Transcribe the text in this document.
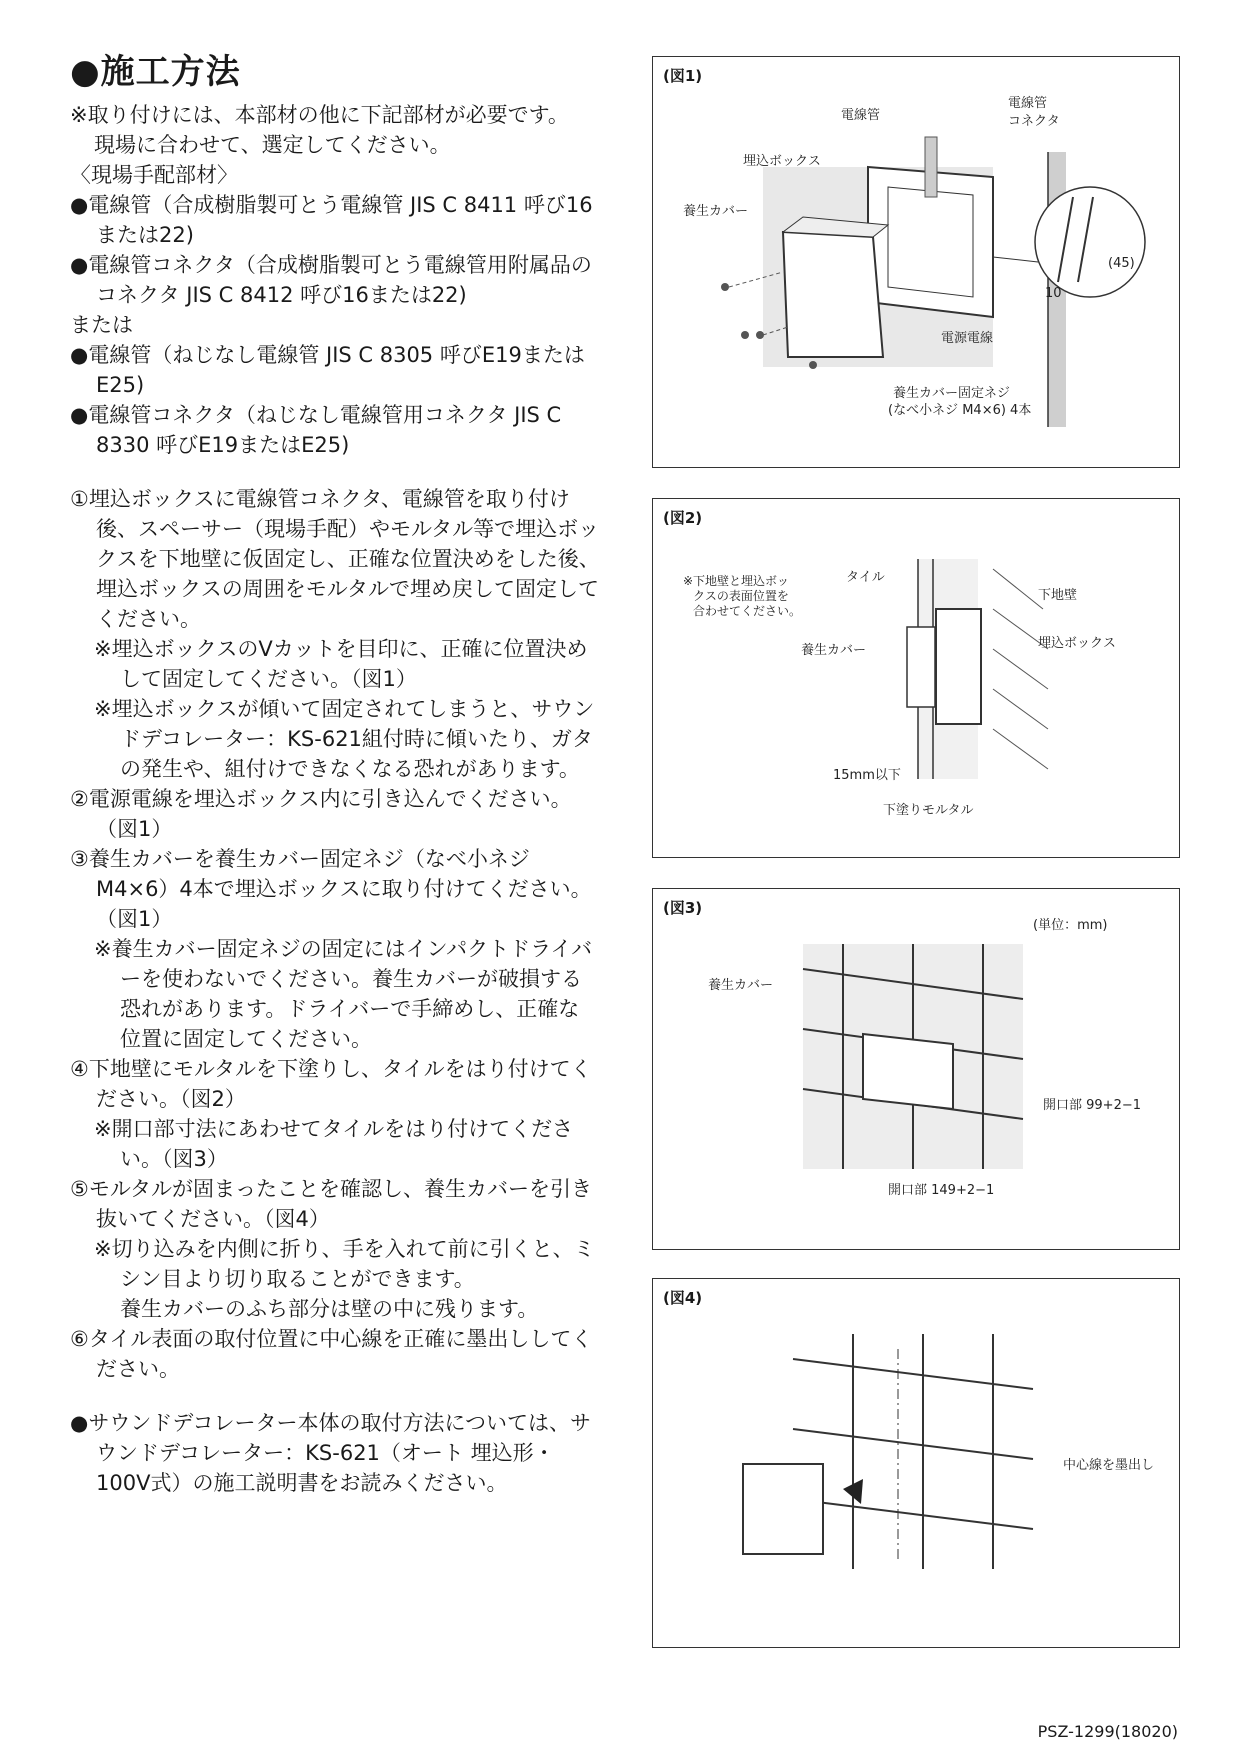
●施工方法

※取り付けには、本部材の他に下記部材が必要です。

現場に合わせて、選定してください。

〈現場手配部材〉

●電線管（合成樹脂製可とう電線管 JIS C 8411 呼び16または22)

●電線管コネクタ（合成樹脂製可とう電線管用附属品のコネクタ JIS C 8412 呼び16または22)

または

●電線管（ねじなし電線管 JIS C 8305 呼びE19またはE25)

●電線管コネクタ（ねじなし電線管用コネクタ JIS C 8330 呼びE19またはE25)

①埋込ボックスに電線管コネクタ、電線管を取り付け後、スペーサー（現場手配）やモルタル等で埋込ボックスを下地壁に仮固定し、正確な位置決めをした後、埋込ボックスの周囲をモルタルで埋め戻して固定してください。

※埋込ボックスのVカットを目印に、正確に位置決めして固定してください。（図1）

※埋込ボックスが傾いて固定されてしまうと、サウンドデコレーター：KS-621組付時に傾いたり、ガタの発生や、組付けできなくなる恐れがあります。

②電源電線を埋込ボックス内に引き込んでください。（図1）

③養生カバーを養生カバー固定ネジ（なべ小ネジ M4×6）4本で埋込ボックスに取り付けてください。（図1）

※養生カバー固定ネジの固定にはインパクトドライバーを使わないでください。養生カバーが破損する恐れがあります。ドライバーで手締めし、正確な位置に固定してください。

④下地壁にモルタルを下塗りし、タイルをはり付けてください。（図2）

※開口部寸法にあわせてタイルをはり付けてください。（図3）

⑤モルタルが固まったことを確認し、養生カバーを引き抜いてください。（図4）

※切り込みを内側に折り、手を入れて前に引くと、ミシン目より切り取ることができます。

養生カバーのふち部分は壁の中に残ります。

⑥タイル表面の取付位置に中心線を正確に墨出ししてください。

●サウンドデコレーター本体の取付方法については、サウンドデコレーター：KS-621（オート 埋込形・100V式）の施工説明書をお読みください。

(図1)
電線管
電線管
コネクタ
埋込ボックス
養生カバー
電源電線
(45)
10
養生カバー固定ネジ
(なべ小ネジ M4×6) 4本
(図2)
※下地壁と埋込ボッ
クスの表面位置を
合わせてください。
タイル
下地壁
埋込ボックス
養生カバー
15mm以下
下塗りモルタル
(図3)
(単位：mm)
養生カバー
開口部 99+2−1
開口部 149+2−1
(図4)
中心線を墨出し
PSZ-1299(18020)
